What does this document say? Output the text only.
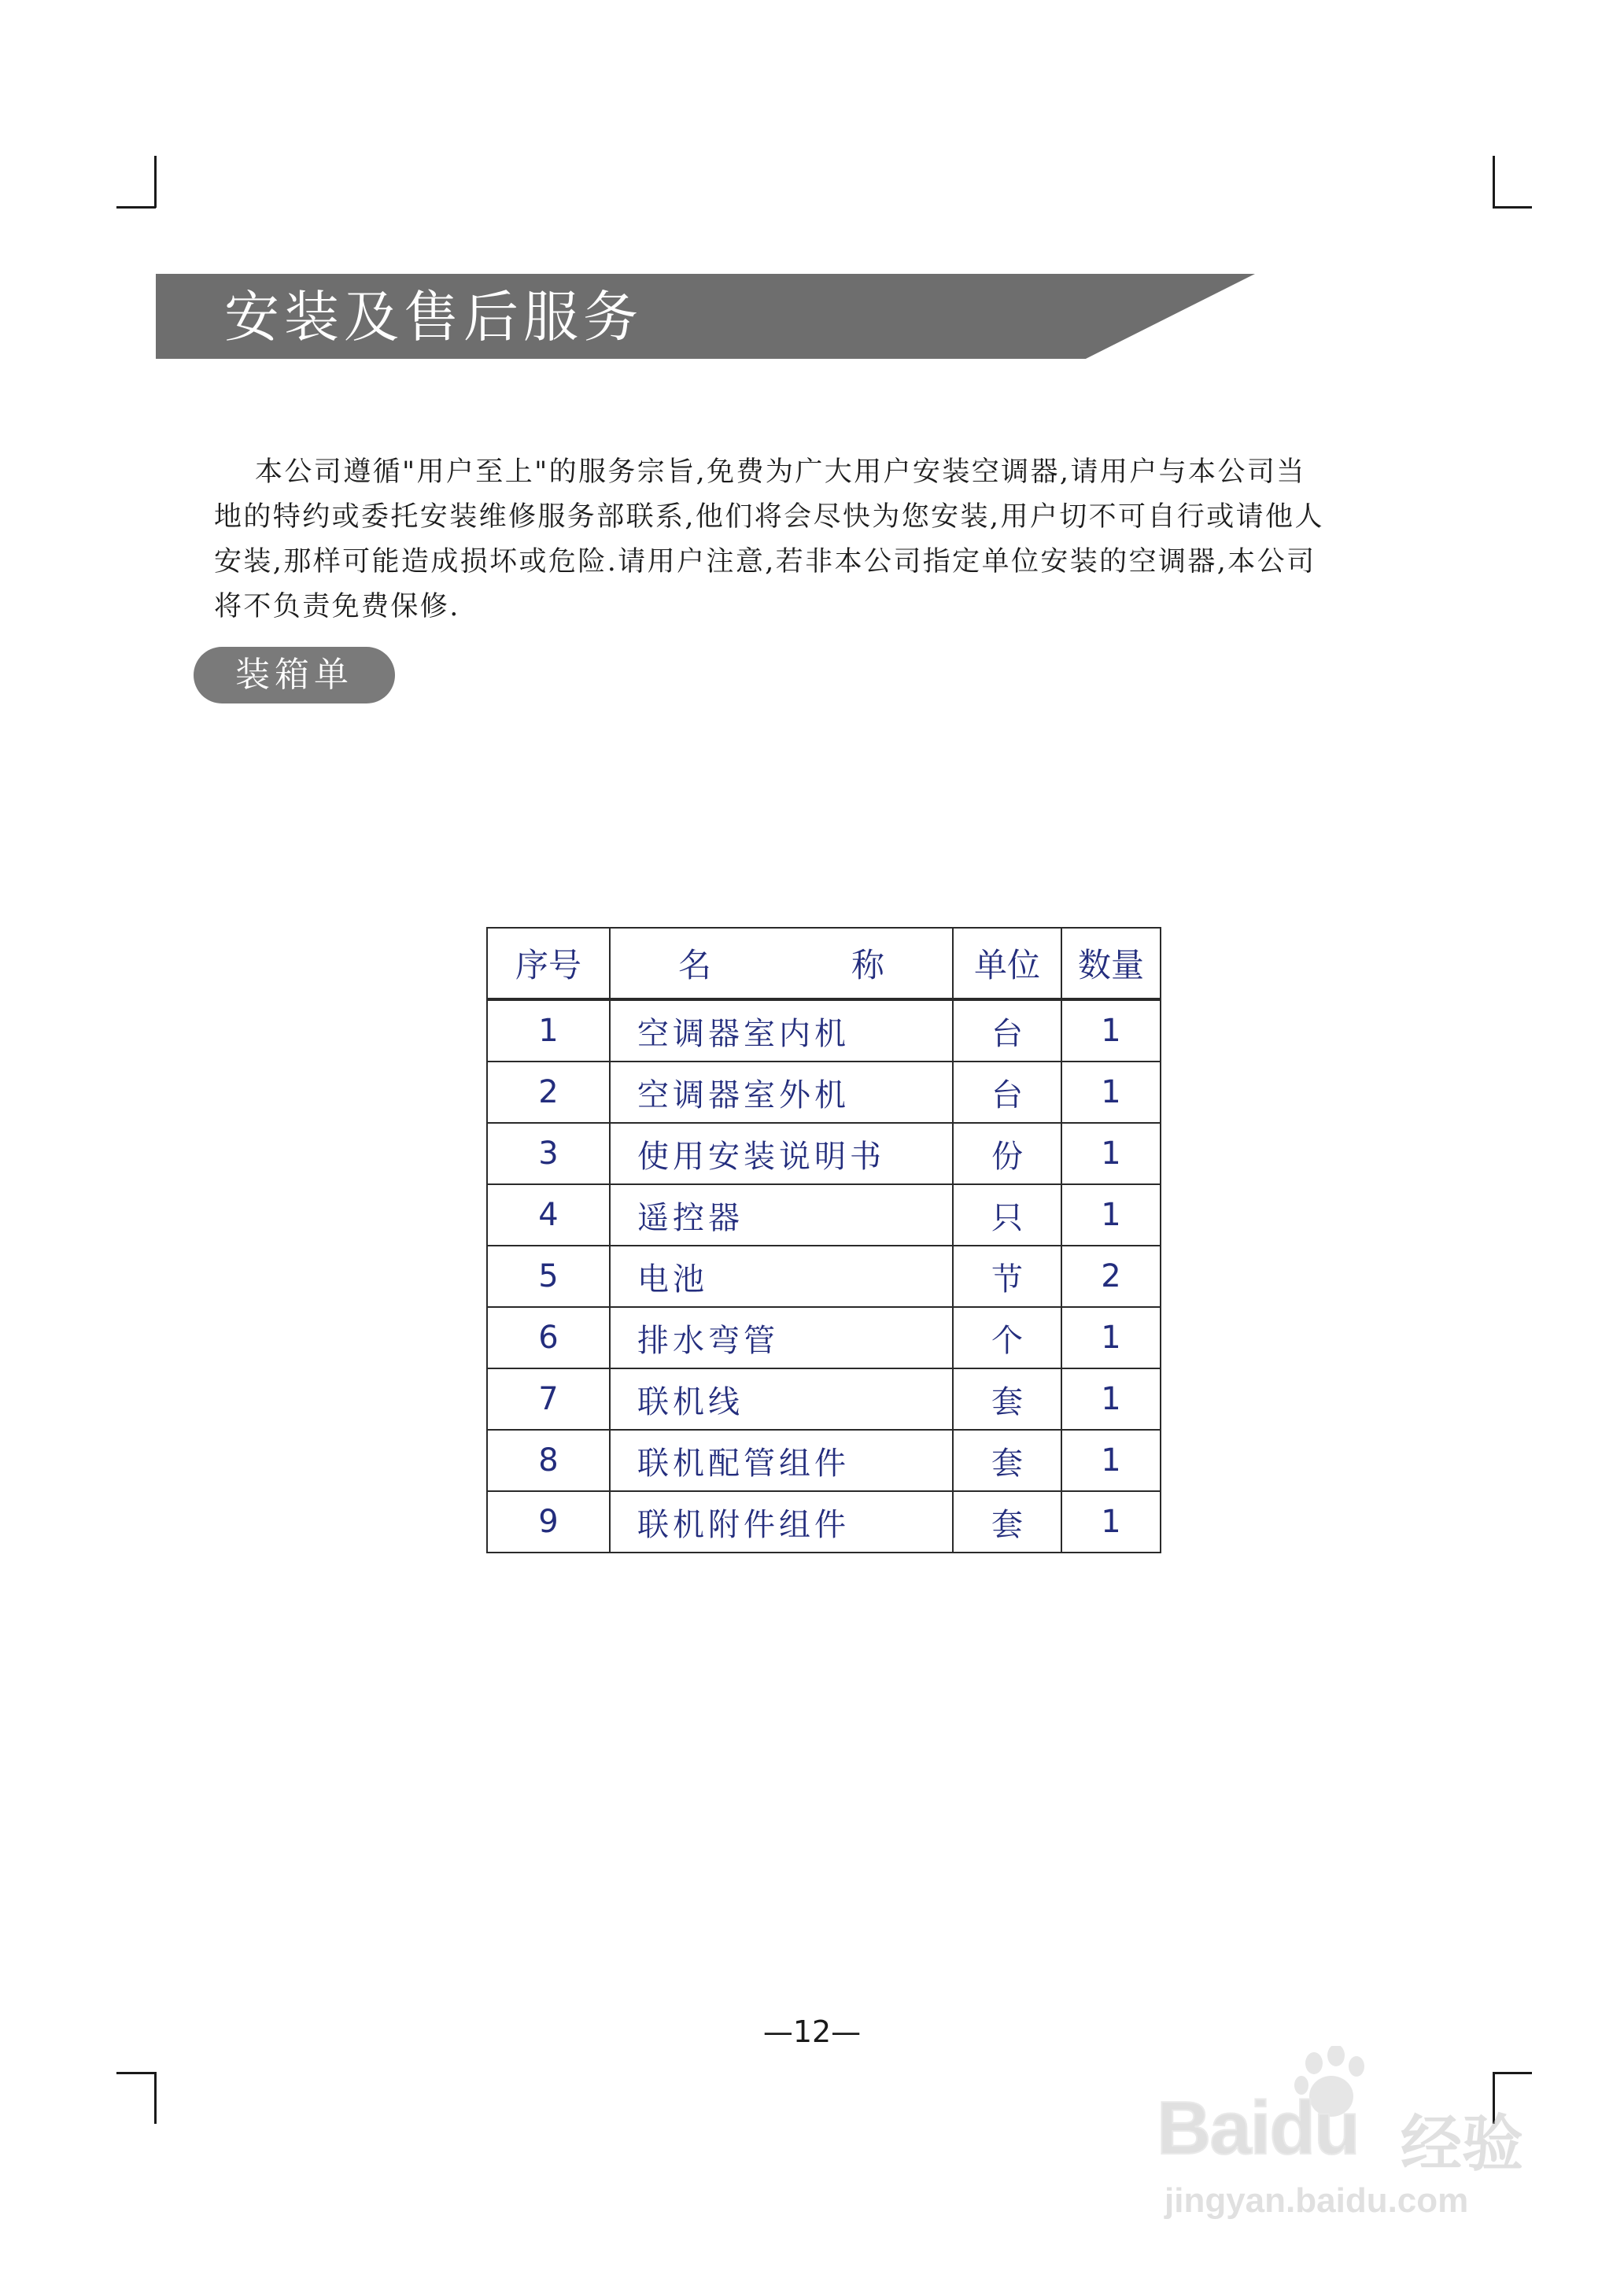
安装及售后服务

本公司遵循"用户至上"的服务宗旨,免费为广大用户安装空调器,请用户与本公司当

地的特约或委托安装维修服务部联系,他们将会尽快为您安装,用户切不可自行或请他人

安装,那样可能造成损坏或危险.请用户注意,若非本公司指定单位安装的空调器,本公司

将不负责免费保修.

装箱单
序号	名 称	单位	数量
1	空调器室内机	台	1
2	空调器室外机	台	1
3	使用安装说明书	份	1
4	遥控器	只	1
5	电池	节	2
6	排水弯管	个	1
7	联机线	套	1
8	联机配管组件	套	1
9	联机附件组件	套	1
—12—
Baidu 经验
jingyan.baidu.com
